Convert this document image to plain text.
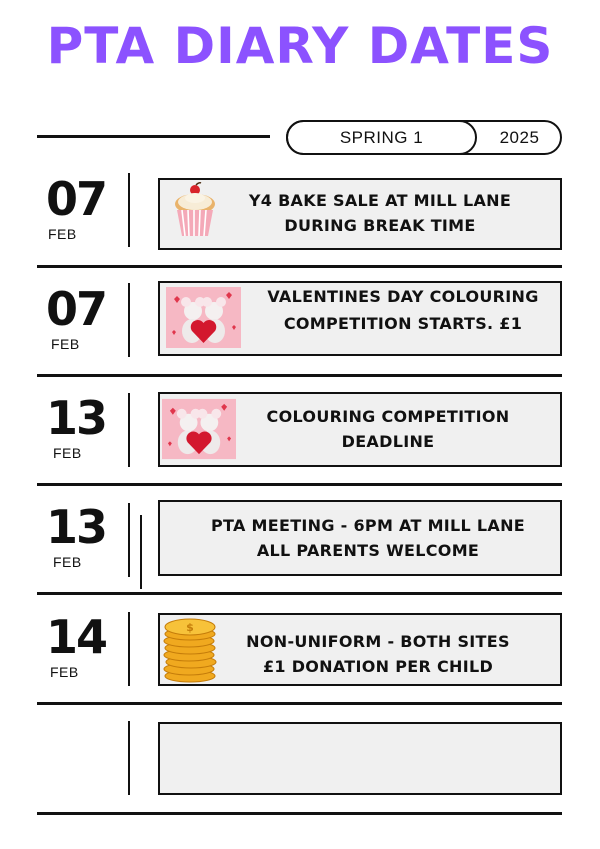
PTA DIARY DATES
SPRING 1	2025
07
FEB
Y4 BAKE SALE AT MILL LANE
DURING BREAK TIME
07
FEB
VALENTINES DAY COLOURING
COMPETITION STARTS. £1
13
FEB
COLOURING COMPETITION
DEADLINE
13
FEB
PTA MEETING - 6PM AT MILL LANE
ALL PARENTS WELCOME
14
FEB
$
NON-UNIFORM - BOTH SITES
£1 DONATION PER CHILD
